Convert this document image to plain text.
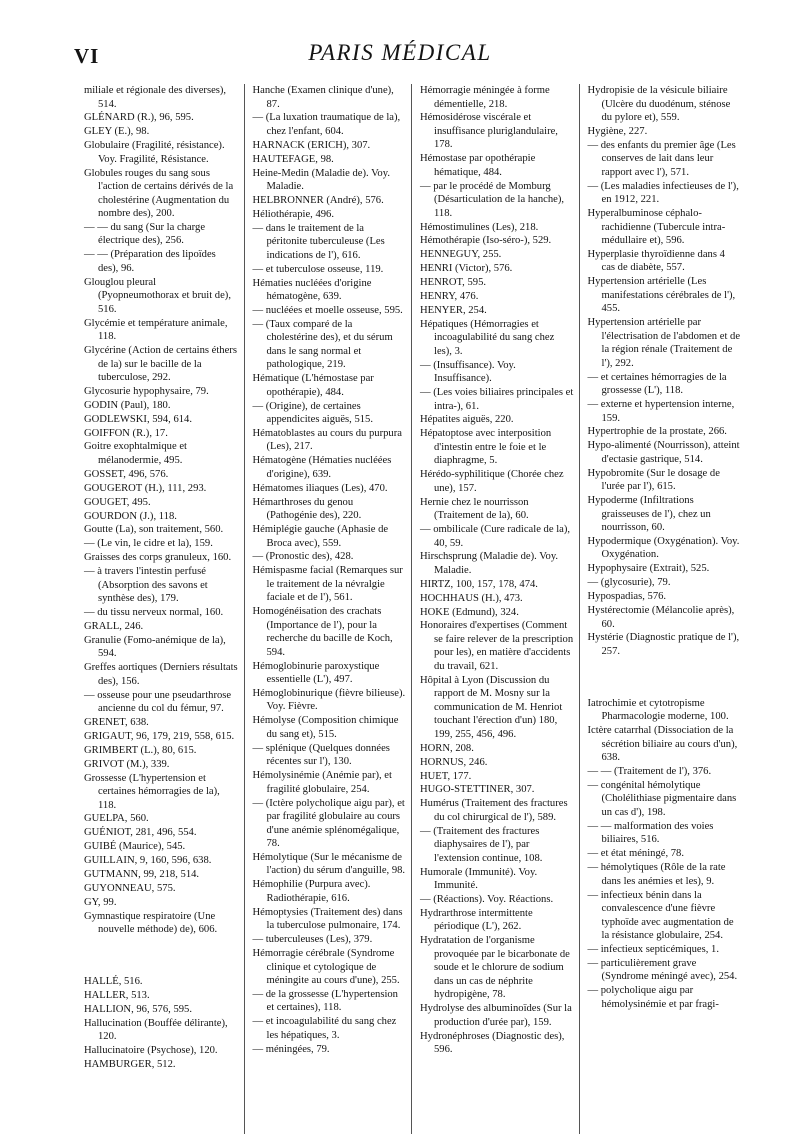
VI	PARIS MÉDICAL
miliale et régionale des diverses), 514.
GLÉNARD (R.), 96, 595.
GLEY (E.), 98.
Globulaire (Fragilité, résistance). Voy. Fragilité, Résistance.
Globules rouges du sang sous l'action de certains dérivés de la cholestérine (Augmentation du nombre des), 200.
— — du sang (Sur la charge électrique des), 256.
— — (Préparation des lipoïdes des), 96.
Glouglou pleural (Pyopneumothorax et bruit de), 516.
Glycémie et température animale, 118.
Glycérine (Action de certains éthers de la) sur le bacille de la tuberculose, 292.
Glycosurie hypophysaire, 79.
GODIN (Paul), 180.
GODLEWSKI, 594, 614.
GOIFFON (R.), 17.
Goitre exophtalmique et mélanodermie, 495.
GOSSET, 496, 576.
GOUGEROT (H.), 111, 293.
GOUGET, 495.
GOURDON (J.), 118.
Goutte (La), son traitement, 560.
— (Le vin, le cidre et la), 159.
Graisses des corps granuleux, 160.
— à travers l'intestin perfusé (Absorption des savons et synthèse des), 179.
— du tissu nerveux normal, 160.
GRALL, 246.
Granulie (Fomo-anémique de la), 594.
Greffes aortiques (Derniers résultats des), 156.
— osseuse pour une pseudarthrose ancienne du col du fémur, 97.
GRENET, 638.
GRIGAUT, 96, 179, 219, 558, 615.
GRIMBERT (L.), 80, 615.
GRIVOT (M.), 339.
Grossesse (L'hypertension et certaines hémorragies de la), 118.
GUELPA, 560.
GUÉNIOT, 281, 496, 554.
GUIBÉ (Maurice), 545.
GUILLAIN, 9, 160, 596, 638.
GUTMANN, 99, 218, 514.
GUYONNEAU, 575.
GY, 99.
Gymnastique respiratoire (Une nouvelle méthode) de), 606.
HALLÉ, 516.
HALLER, 513.
HALLION, 96, 576, 595.
Hallucination (Bouffée délirante), 120.
Hallucinatoire (Psychose), 120.
HAMBURGER, 512.
Hanche (Examen clinique d'une), 87.
— (La luxation traumatique de la), chez l'enfant, 604.
HARNACK (ERICH), 307.
HAUTEFAGE, 98.
Heine-Medin (Maladie de). Voy. Maladie.
HELBRONNER (André), 576.
Héliothérapie, 496.
— dans le traitement de la péritonite tuberculeuse (Les indications de l'), 616.
— et tuberculose osseuse, 119.
Hématies nucléées d'origine hématogène, 639.
— nucléées et moelle osseuse, 595.
— (Taux comparé de la cholestérine des), et du sérum dans le sang normal et pathologique, 219.
Hématique (L'hémostase par opothérapie), 484.
— (Origine), de certaines appendicites aiguës, 515.
Hématoblastes au cours du purpura (Les), 217.
Hématogène (Hématies nucléées d'origine), 639.
Hématomes iliaques (Les), 470.
Hémarthroses du genou (Pathogénie des), 220.
Hémiplégie gauche (Aphasie de Broca avec), 559.
— (Pronostic des), 428.
Hémispasme facial (Remarques sur le traitement de la névralgie faciale et de l'), 561.
Homogénéisation des crachats (Importance de l'), pour la recherche du bacille de Koch, 594.
Hémoglobinurie paroxystique essentielle (L'), 497.
Hémoglobinurique (fièvre bilieuse). Voy. Fièvre.
Hémolyse (Composition chimique du sang et), 515.
— splénique (Quelques données récentes sur l'), 130.
Hémolysinémie (Anémie par), et fragilité globulaire, 254.
— (Ictère polycholique aigu par), et par fragilité globulaire au cours d'une anémie splénomégalique, 78.
Hémolytique (Sur le mécanisme de l'action) du sérum d'anguille, 98.
Hémophilie (Purpura avec). Radiothérapie, 616.
Hémoptysies (Traitement des) dans la tuberculose pulmonaire, 174.
— tuberculeuses (Les), 379.
Hémorragie cérébrale (Syndrome clinique et cytologique de méningite au cours d'une), 255.
— de la grossesse (L'hypertension et certaines), 118.
— et incoagulabilité du sang chez les hépatiques, 3.
— méningées, 79.
Hémorragie méningée à forme démentielle, 218.
Hémosidérose viscérale et insuffisance pluriglandulaire, 178.
Hémostase par opothérapie hématique, 484.
— par le procédé de Momburg (Désarticulation de la hanche), 118.
Hémostimulines (Les), 218.
Hémothérapie (Iso-séro-), 529.
HENNEGUY, 255.
HENRI (Victor), 576.
HENROT, 595.
HENRY, 476.
HENYER, 254.
Hépatiques (Hémorragies et incoagulabilité du sang chez les), 3.
— (Insuffisance). Voy. Insuffisance).
— (Les voies biliaires principales et intra-), 61.
Hépatites aiguës, 220.
Hépatoptose avec interposition d'intestin entre le foie et le diaphragme, 5.
Hérédo-syphilitique (Chorée chez une), 157.
Hernie chez le nourrisson (Traitement de la), 60.
— ombilicale (Cure radicale de la), 40, 59.
Hirschsprung (Maladie de). Voy. Maladie.
HIRTZ, 100, 157, 178, 474.
HOCHHAUS (H.), 473.
HOKE (Edmund), 324.
Honoraires d'expertises (Comment se faire relever de la prescription pour les), en matière d'accidents du travail, 621.
Hôpital à Lyon (Discussion du rapport de M. Mosny sur la communication de M. Henriot touchant l'érection d'un) 180, 199, 255, 456, 496.
HORN, 208.
HORNUS, 246.
HUET, 177.
HUGO-STETTINER, 307.
Humérus (Traitement des fractures du col chirurgical de l'), 589.
— (Traitement des fractures diaphysaires de l'), par l'extension continue, 108.
Humorale (Immunité). Voy. Immunité.
— (Réactions). Voy. Réactions.
Hydrarthrose intermittente périodique (L'), 262.
Hydratation de l'organisme provoquée par le bicarbonate de soude et le chlorure de sodium dans un cas de néphrite hydropigène, 78.
Hydrolyse des albuminoïdes (Sur la production d'urée par), 159.
Hydronéphroses (Diagnostic des), 596.
Hydropisie de la vésicule biliaire (Ulcère du duodénum, sténose du pylore et), 559.
Hygiène, 227.
— des enfants du premier âge (Les conserves de lait dans leur rapport avec l'), 571.
— (Les maladies infectieuses de l'), en 1912, 221.
Hyperalbuminose céphalo-rachidienne (Tubercule intra-médullaire et), 596.
Hyperplasie thyroïdienne dans 4 cas de diabète, 557.
Hypertension artérielle (Les manifestations cérébrales de l'), 455.
Hypertension artérielle par l'électrisation de l'abdomen et de la région rénale (Traitement de l'), 292.
— et certaines hémorragies de la grossesse (L'), 118.
— externe et hypertension interne, 159.
Hypertrophie de la prostate, 266.
Hypo-alimenté (Nourrisson), atteint d'ectasie gastrique, 514.
Hypobromite (Sur le dosage de l'urée par l'), 615.
Hypoderme (Infiltrations graisseuses de l'), chez un nourrisson, 60.
Hypodermique (Oxygénation). Voy. Oxygénation.
Hypophysaire (Extrait), 525.
— (glycosurie), 79.
Hypospadias, 576.
Hystérectomie (Mélancolie après), 60.
Hystérie (Diagnostic pratique de l'), 257.
Iatrochimie et cytotropisme Pharmacologie moderne, 100.
Ictère catarrhal (Dissociation de la sécrétion biliaire au cours d'un), 638.
— — (Traitement de l'), 376.
— congénital hémolytique (Cholélithiase pigmentaire dans un cas d'), 198.
— — malformation des voies biliaires, 516.
— et état méningé, 78.
— hémolytiques (Rôle de la rate dans les anémies et les), 9.
— infectieux bénin dans la convalescence d'une fièvre typhoïde avec augmentation de la résistance globulaire, 254.
— infectieux septicémiques, 1.
— particulièrement grave (Syndrome méningé avec), 254.
— polycholique aigu par hémolysinémie et par fragi-
